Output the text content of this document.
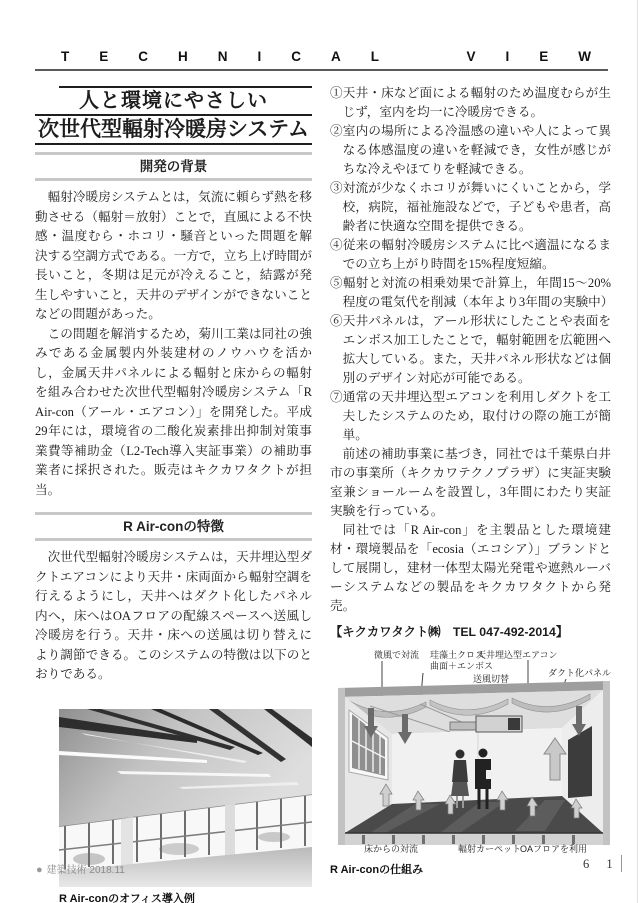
TECHNICAL VIEW
人と環境にやさしい
次世代型輻射冷暖房システム
開発の背景

輻射冷暖房システムとは，気流に頼らず熱を移動させる（輻射＝放射）ことで，直風による不快感・温度むら・ホコリ・騒音といった問題を解決する空調方式である。一方で，立ち上げ時間が長いこと，冬期は足元が冷えること，結露が発生しやすいこと，天井のデザインができないことなどの問題があった。

この問題を解消するため，菊川工業は同社の強みである金属製内外装建材のノウハウを活かし，金属天井パネルによる輻射と床からの輻射を組み合わせた次世代型輻射冷暖房システム「R Air-con（アール・エアコン）」を開発した。平成29年には，環境省の二酸化炭素排出抑制対策事業費等補助金（L2-Tech導入実証事業）の補助事業者に採択された。販売はキクカワタクトが担当。

R Air-conの特徴

次世代型輻射冷暖房システムは，天井埋込型ダクトエアコンにより天井・床両面から輻射空調を行えるようにし，天井へはダクト化したパネル内へ，床へはOAフロアの配線スペースへ送風し冷暖房を行う。天井・床への送風は切り替えにより調節できる。このシステムの特徴は以下のとおりである。

R Air-conのオフィス導入例
①天井・床など面による輻射のため温度むらが生じず，室内を均一に冷暖房できる。
②室内の場所による冷温感の違いや人によって異なる体感温度の違いを軽減でき，女性が感じがちな冷えやほてりを軽減できる。
③対流が少なくホコリが舞いにくいことから，学校，病院，福祉施設などで，子どもや患者，高齢者に快適な空間を提供できる。
④従来の輻射冷暖房システムに比べ適温になるまでの立ち上がり時間を15%程度短縮。
⑤輻射と対流の相乗効果で計算上，年間15～20%程度の電気代を削減（本年より3年間の実験中）
⑥天井パネルは，アール形状にしたことや表面をエンボス加工したことで，輻射範囲を広範囲へ拡大している。また，天井パネル形状などは個別のデザイン対応が可能である。
⑦通常の天井埋込型エアコンを利用しダクトを工夫したシステムのため，取付けの際の施工が簡単。

前述の補助事業に基づき，同社では千葉県白井市の事業所（キクカワテクノプラザ）に実証実験室兼ショールームを設置し，3年間にわたり実証実験を行っている。

同社では「R Air-con」を主製品とした環境建材・環境製品を「ecosia（エコシア）」ブランドとして展開し，建材一体型太陽光発電や遮熱ルーバーシステムなどの製品をキクカワタクトから発売。

【キクカワタクト㈱　TEL 047-492-2014】
微風で対流 珪藻土クロス
曲面＋エンボス
天井埋込型エアコン
送風切替
ダクト化パネル
床からの対流	輻射カーペット
OAフロアを利用
R Air-conの仕組み
● 建築技術 2018.11	6 1
